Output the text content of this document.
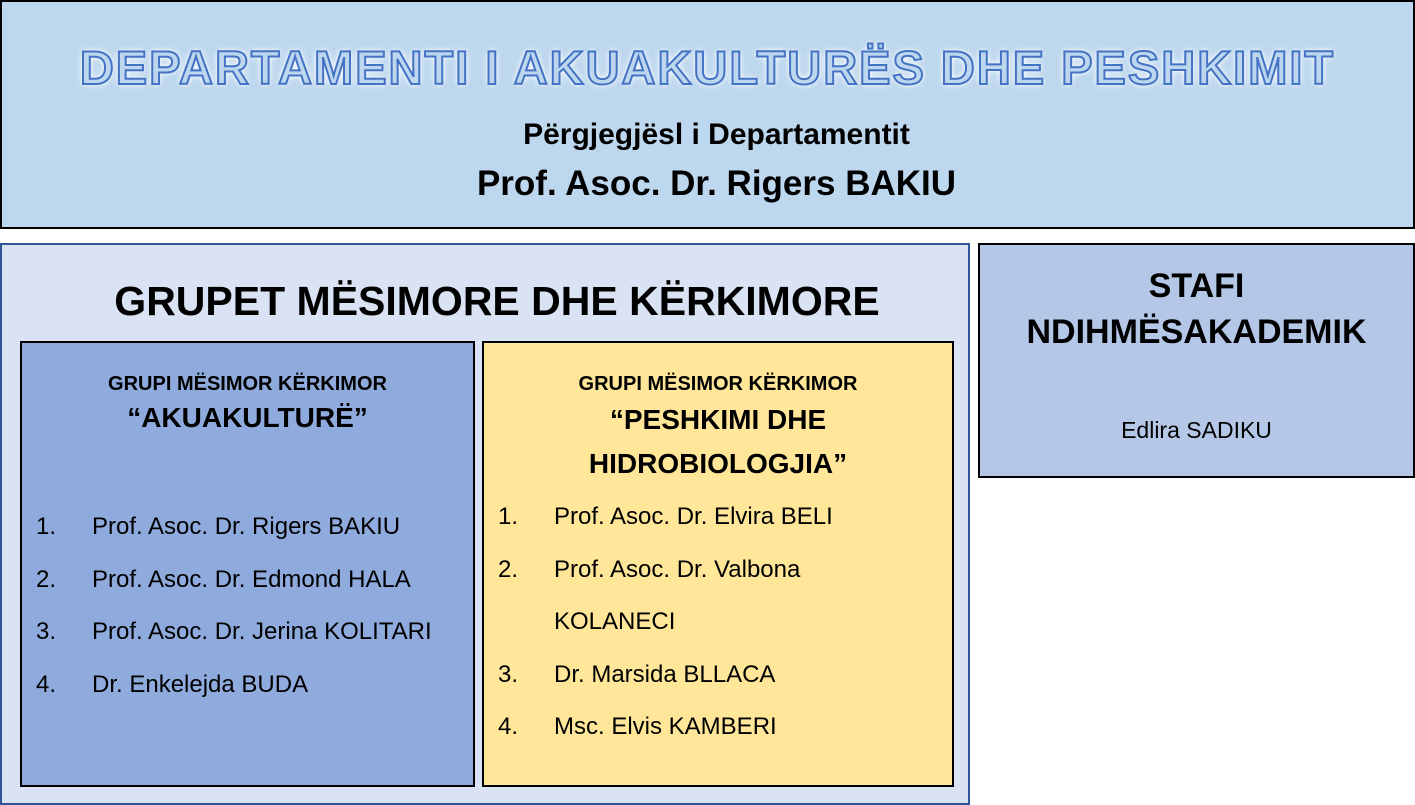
DEPARTAMENTI I AKUAKULTURËS DHE PESHKIMIT
Përgjegjësl i Departamentit
Prof. Asoc. Dr. Rigers BAKIU
GRUPET MËSIMORE DHE KËRKIMORE
GRUPI MËSIMOR KËRKIMOR
“AKUAKULTURË”
1. Prof. Asoc. Dr. Rigers BAKIU
2. Prof. Asoc. Dr. Edmond HALA
3. Prof. Asoc. Dr. Jerina KOLITARI
4. Dr. Enkelejda BUDA
GRUPI MËSIMOR KËRKIMOR
“PESHKIMI DHE
HIDROBIOLOGJIA”
1. Prof. Asoc. Dr. Elvira BELI
2. Prof. Asoc. Dr. Valbona
KOLANECI
3. Dr. Marsida BLLACA
4. Msc. Elvis KAMBERI
STAFI
NDIHMËSAKADEMIK
Edlira SADIKU
